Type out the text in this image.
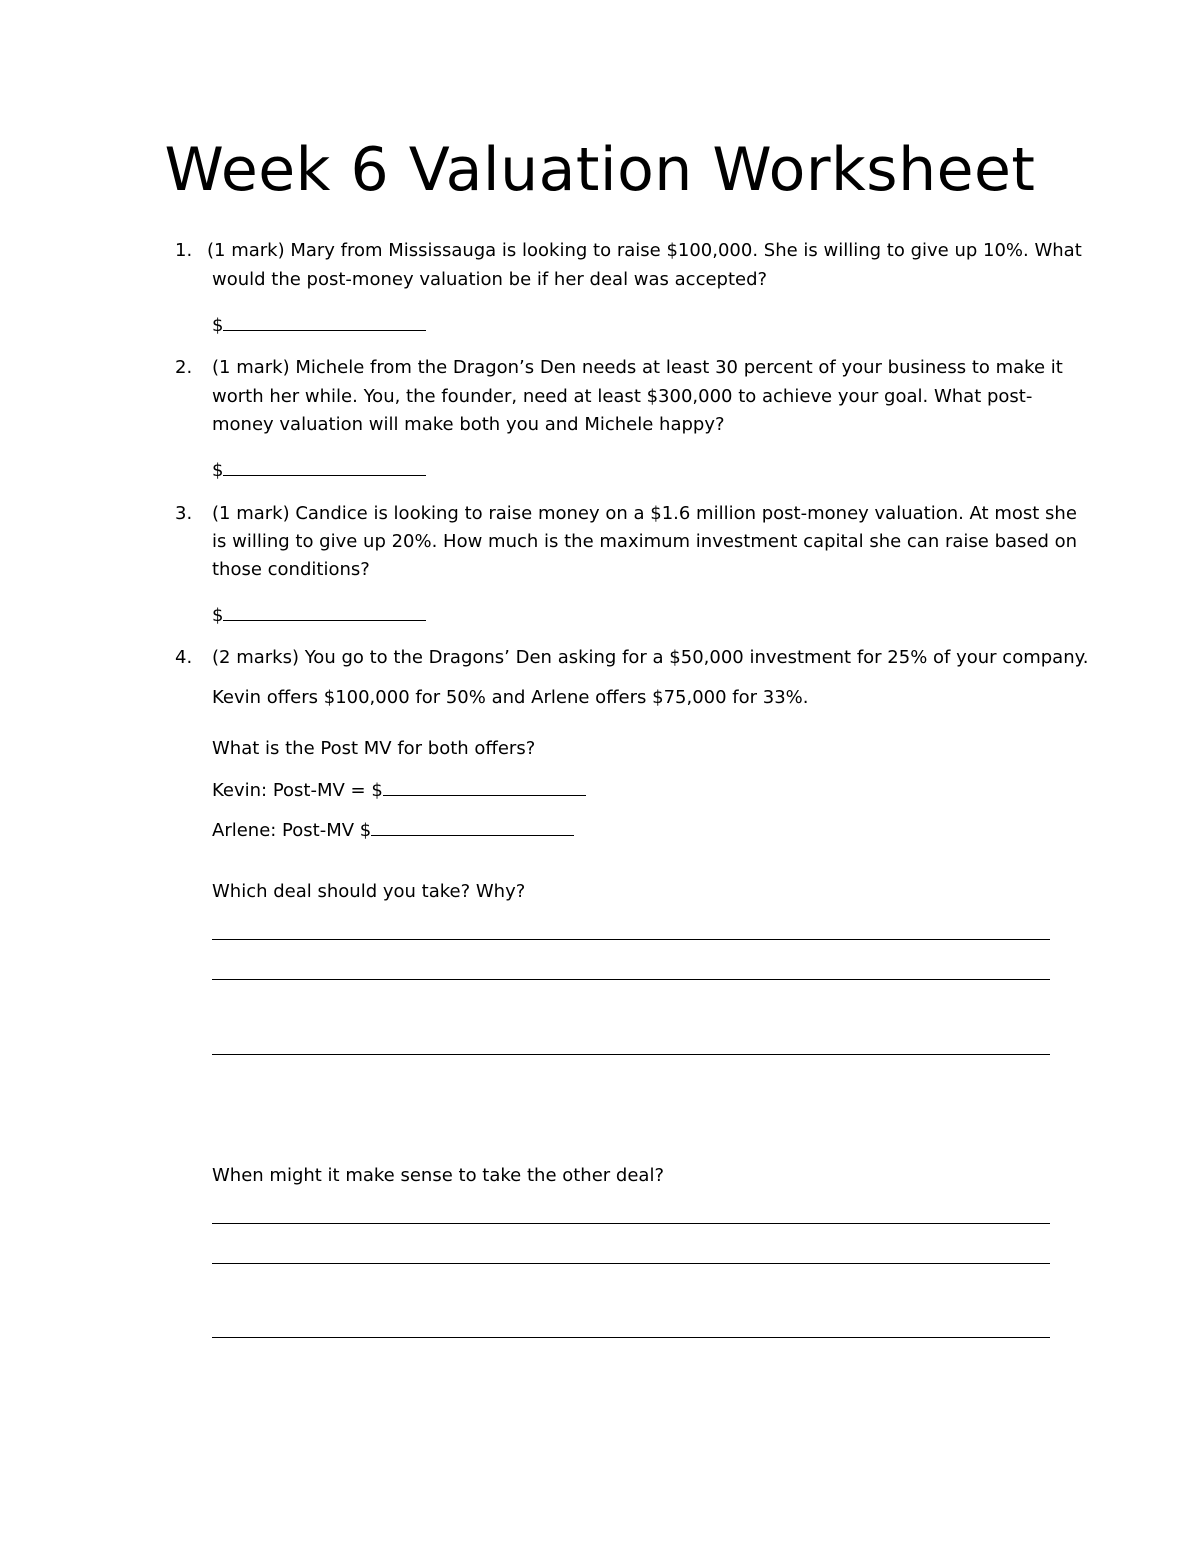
Week 6 Valuation Worksheet
1. (1 mark) Mary from Mississauga is looking to raise $100,000. She is willing to give up 10%. What
would the post-money valuation be if her deal was accepted?
$
2. (1 mark) Michele from the Dragon’s Den needs at least 30 percent of your business to make it
worth her while. You, the founder, need at least $300,000 to achieve your goal. What post-
money valuation will make both you and Michele happy?
$
3. (1 mark) Candice is looking to raise money on a $1.6 million post-money valuation. At most she
is willing to give up 20%. How much is the maximum investment capital she can raise based on
those conditions?
$
4. (2 marks) You go to the Dragons’ Den asking for a $50,000 investment for 25% of your company.
Kevin offers $100,000 for 50% and Arlene offers $75,000 for 33%.
What is the Post MV for both offers?
Kevin: Post-MV = $
Arlene: Post-MV $
Which deal should you take? Why?
When might it make sense to take the other deal?
